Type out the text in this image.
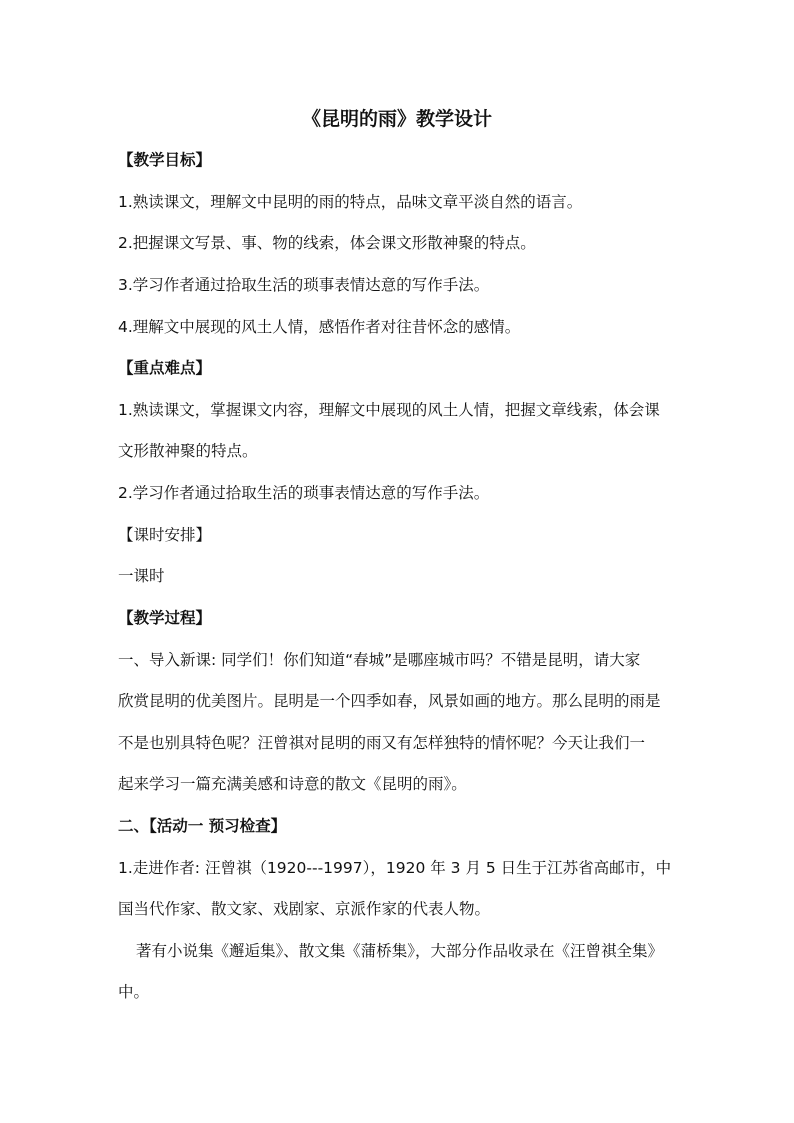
《昆明的雨》教学设计

【教学目标】

1.熟读课文，理解文中昆明的雨的特点，品味文章平淡自然的语言。

2.把握课文写景、事、物的线索，体会课文形散神聚的特点。

3.学习作者通过拾取生活的琐事表情达意的写作手法。

4.理解文中展现的风土人情，感悟作者对往昔怀念的感情。

【重点难点】

1.熟读课文，掌握课文内容，理解文中展现的风土人情，把握文章线索，体会课

文形散神聚的特点。

2.学习作者通过拾取生活的琐事表情达意的写作手法。

【课时安排】

一课时

【教学过程】

一、导入新课: 同学们！你们知道“春城”是哪座城市吗？不错是昆明，请大家

欣赏昆明的优美图片。昆明是一个四季如春，风景如画的地方。那么昆明的雨是

不是也别具特色呢？汪曾祺对昆明的雨又有怎样独特的情怀呢？今天让我们一

起来学习一篇充满美感和诗意的散文《昆明的雨》。

二、【活动一 预习检查】

1.走进作者: 汪曾祺（1920---1997），1920 年 3 月 5 日生于江苏省高邮市，中

国当代作家、散文家、戏剧家、京派作家的代表人物。

著有小说集《邂逅集》、散文集《蒲桥集》，大部分作品收录在《汪曾祺全集》

中。
